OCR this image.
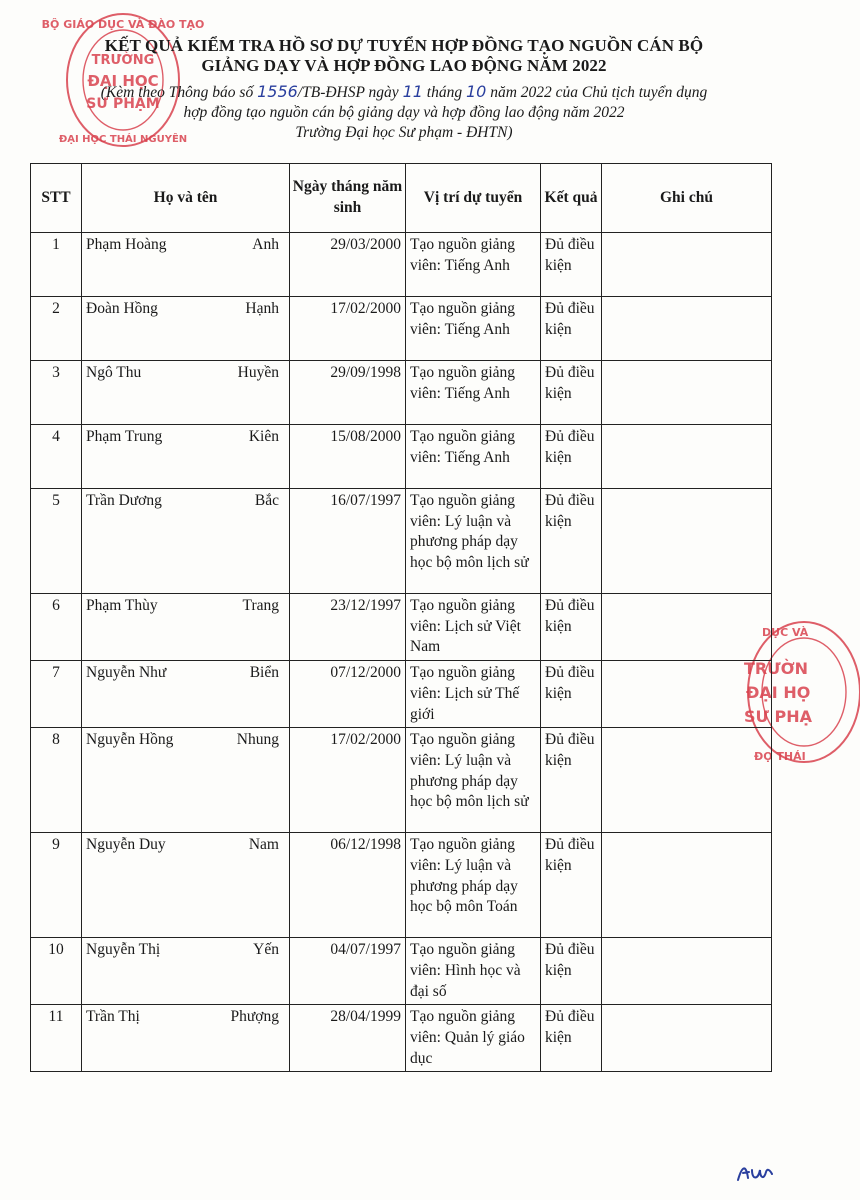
BỘ GIÁO DỤC VÀ ĐÀO TẠO
TRƯỜNG
ĐẠI HỌC
SƯ PHẠM
ĐẠI HỌC THÁI NGUYÊN
DỤC VÀ
TRƯỜN
ĐẠI HỌ
SƯ PHẠ
ĐỌ THÁI
KẾT QUẢ KIỂM TRA HỒ SƠ DỰ TUYỂN HỢP ĐỒNG TẠO NGUỒN CÁN BỘ
GIẢNG DẠY VÀ HỢP ĐỒNG LAO ĐỘNG NĂM 2022
(Kèm theo Thông báo số 1556/TB-ĐHSP ngày 11 tháng 10 năm 2022 của Chủ tịch tuyển dụng
hợp đồng tạo nguồn cán bộ giảng dạy và hợp đồng lao động năm 2022
Trường Đại học Sư phạm - ĐHTN)
STT	Họ và tên	Ngày tháng năm sinh	Vị trí dự tuyển	Kết quả	Ghi chú
1	Phạm Hoàng Anh	29/03/2000	Tạo nguồn giảng viên: Tiếng Anh	Đủ điều kiện	
2	Đoàn Hồng Hạnh	17/02/2000	Tạo nguồn giảng viên: Tiếng Anh	Đủ điều kiện	
3	Ngô Thu Huyền	29/09/1998	Tạo nguồn giảng viên: Tiếng Anh	Đủ điều kiện	
4	Phạm Trung Kiên	15/08/2000	Tạo nguồn giảng viên: Tiếng Anh	Đủ điều kiện	
5	Trần Dương Bắc	16/07/1997	Tạo nguồn giảng viên: Lý luận và phương pháp dạy học bộ môn lịch sử	Đủ điều kiện	
6	Phạm Thùy Trang	23/12/1997	Tạo nguồn giảng viên: Lịch sử Việt Nam	Đủ điều kiện	
7	Nguyễn Như Biển	07/12/2000	Tạo nguồn giảng viên: Lịch sử Thế giới	Đủ điều kiện	
8	Nguyễn Hồng Nhung	17/02/2000	Tạo nguồn giảng viên: Lý luận và phương pháp dạy học bộ môn lịch sử	Đủ điều kiện	
9	Nguyễn Duy Nam	06/12/1998	Tạo nguồn giảng viên: Lý luận và phương pháp dạy học bộ môn Toán	Đủ điều kiện	
10	Nguyễn Thị Yến	04/07/1997	Tạo nguồn giảng viên: Hình học và đại số	Đủ điều kiện	
11	Trần Thị Phượng	28/04/1999	Tạo nguồn giảng viên: Quản lý giáo dục	Đủ điều kiện	
